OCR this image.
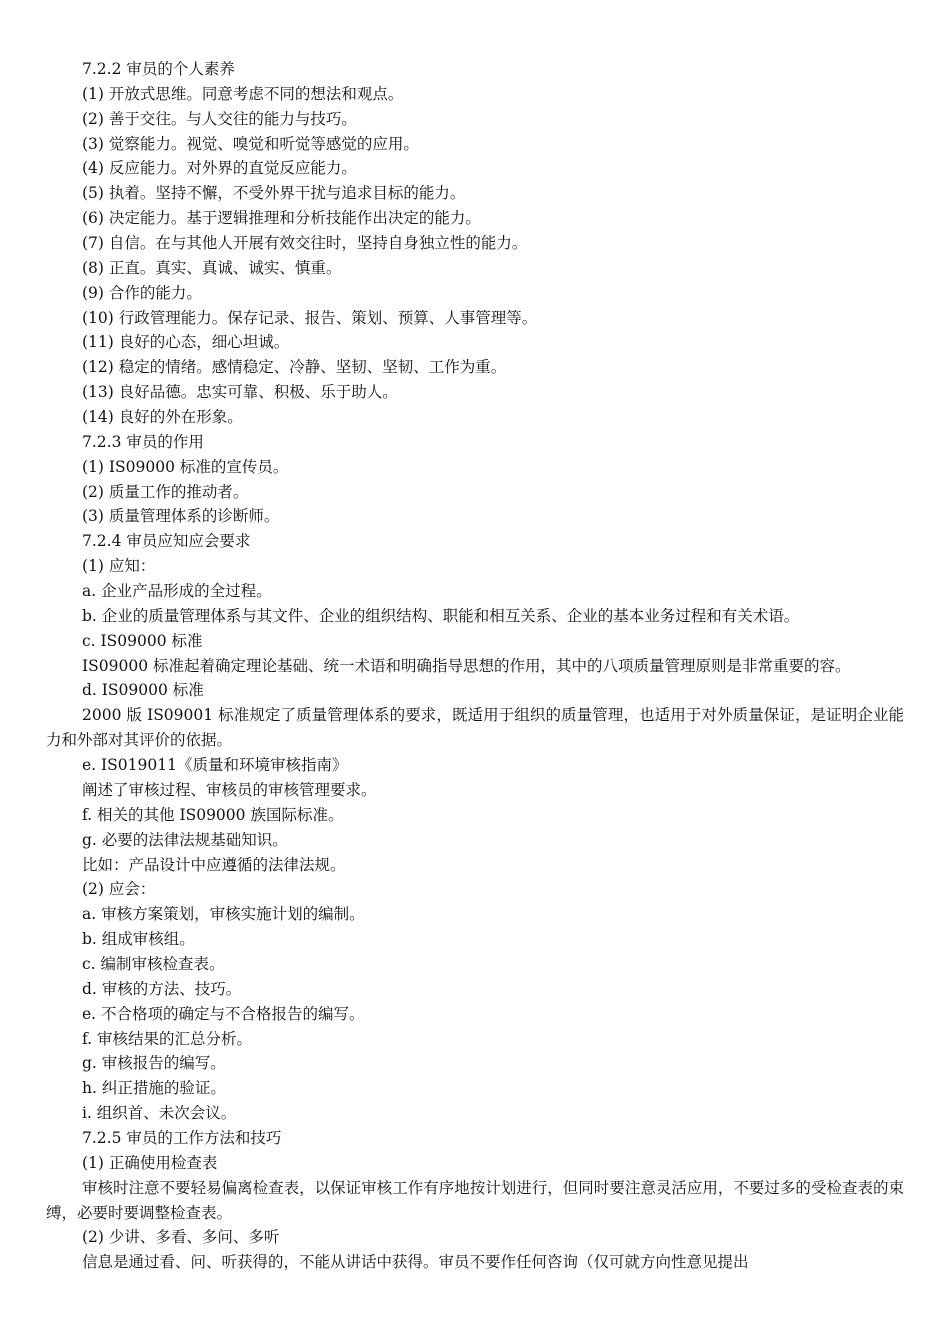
7.2.2 审员的个人素养
(1) 开放式思维。同意考虑不同的想法和观点。
(2) 善于交往。与人交往的能力与技巧。
(3) 觉察能力。视觉、嗅觉和听觉等感觉的应用。
(4) 反应能力。对外界的直觉反应能力。
(5) 执着。坚持不懈，不受外界干扰与追求目标的能力。
(6) 决定能力。基于逻辑推理和分析技能作出决定的能力。
(7) 自信。在与其他人开展有效交往时，坚持自身独立性的能力。
(8) 正直。真实、真诚、诚实、慎重。
(9) 合作的能力。
(10) 行政管理能力。保存记录、报告、策划、预算、人事管理等。
(11) 良好的心态，细心坦诚。
(12) 稳定的情绪。感情稳定、冷静、坚韧、坚韧、工作为重。
(13) 良好品德。忠实可靠、积极、乐于助人。
(14) 良好的外在形象。
7.2.3 审员的作用
(1) IS09000 标准的宣传员。
(2) 质量工作的推动者。
(3) 质量管理体系的诊断师。
7.2.4 审员应知应会要求
(1) 应知：
a. 企业产品形成的全过程。
b. 企业的质量管理体系与其文件、企业的组织结构、职能和相互关系、企业的基本业务过程和有关术语。
c. IS09000 标准
IS09000 标准起着确定理论基础、统一术语和明确指导思想的作用，其中的八项质量管理原则是非常重要的容。
d. IS09000 标准
2000 版 IS09001 标准规定了质量管理体系的要求，既适用于组织的质量管理，也适用于对外质量保证，是证明企业能力和外部对其评价的依据。
e. IS019011《质量和环境审核指南》
阐述了审核过程、审核员的审核管理要求。
f. 相关的其他 IS09000 族国际标准。
g. 必要的法律法规基础知识。
比如：产品设计中应遵循的法律法规。
(2) 应会：
a. 审核方案策划，审核实施计划的编制。
b. 组成审核组。
c. 编制审核检查表。
d. 审核的方法、技巧。
e. 不合格项的确定与不合格报告的编写。
f. 审核结果的汇总分析。
g. 审核报告的编写。
h. 纠正措施的验证。
i. 组织首、未次会议。
7.2.5 审员的工作方法和技巧
(1) 正确使用检查表
审核时注意不要轻易偏离检查表，以保证审核工作有序地按计划进行，但同时要注意灵活应用，不要过多的受检查表的束缚，必要时要调整检查表。
(2) 少讲、多看、多问、多听
信息是通过看、问、听获得的，不能从讲话中获得。审员不要作任何咨询（仅可就方向性意见提出
